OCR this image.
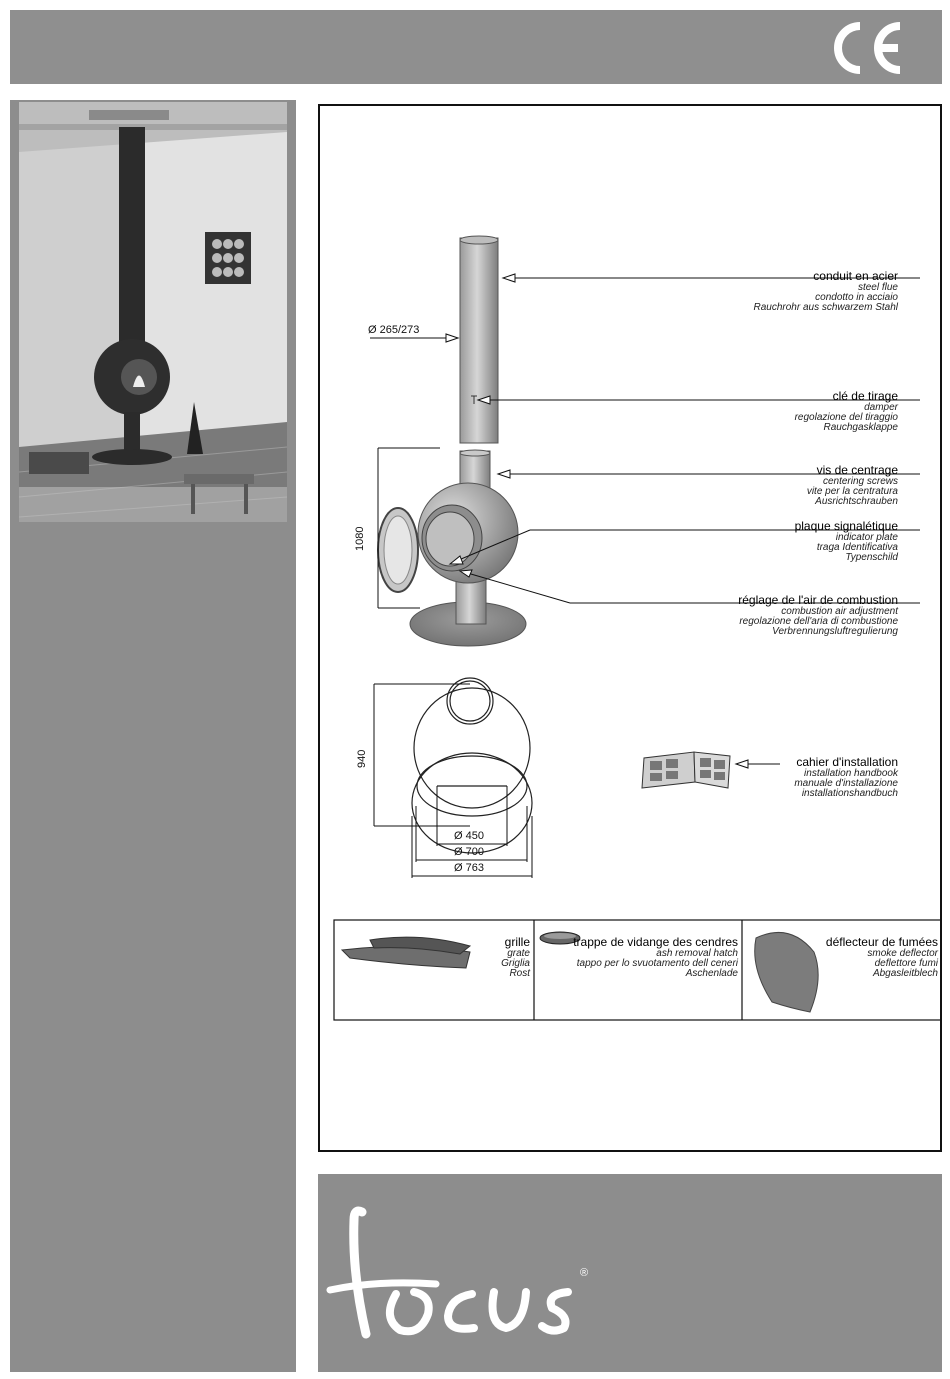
conduit en acier
steel flue
condotto in acciaio
Rauchrohr aus schwarzem Stahl
clé de tirage
damper
regolazione del tiraggio
Rauchgasklappe
vis de centrage
centering screws
vite per la centratura
Ausrichtschrauben
plaque signalétique
indicator plate
traga Identificativa
Typenschild
réglage de l'air de combustion
combustion air adjustment
regolazione dell'aria di combustione
Verbrennungsluftregulierung
cahier d'installation
installation handbook
manuale d'installazione
installationshandbuch
Ø 265/273
1080
940
Ø 450
Ø 700
Ø 763
grille
grate
Griglia
Rost
trappe de vidange des cendres
ash removal hatch
tappo per lo svuotamento dell ceneri
Aschenlade
déflecteur de fumées
smoke deflector
deflettore fumi
Abgasleitblech
®
